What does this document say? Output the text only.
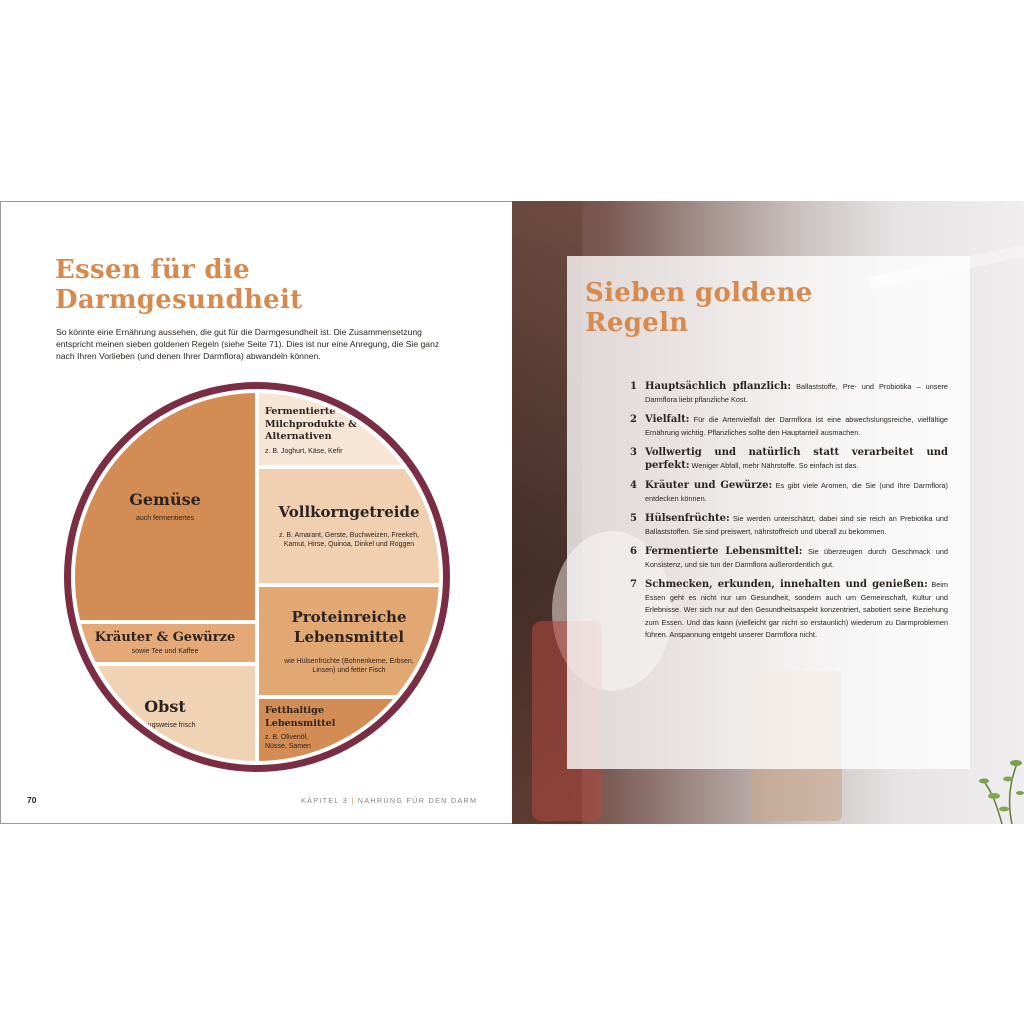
Essen für die
Darmgesundheit

So könnte eine Ernährung aussehen, die gut für die Darmgesundheit ist. Die Zusammensetzung entspricht meinen sieben goldenen Regeln (siehe Seite 71). Dies ist nur eine Anregung, die Sie ganz nach Ihren Vorlieben (und denen Ihrer Darmflora) abwandeln können.

Gemüse
auch fermentiertes
Kräuter & Gewürze
sowie Tee und Kaffee
Obst
vorzugsweise frisch
Fermentierte
Milchprodukte &
Alternativen
z. B. Joghurt, Käse, Kefir
Vollkorngetreide
z. B. Amarant, Gerste, Buchweizen, Freekeh, Kamut, Hirse, Quinoa, Dinkel und Roggen
Proteinreiche
Lebensmittel
wie Hülsenfrüchte (Bohnenkerne, Erbsen, Linsen) und fetter Fisch
Fetthaltige
Lebensmittel
z. B. Olivenöl,
Nüsse, Samen
70	KAPITEL 3 | NAHRUNG FÜR DEN DARM
Sieben goldene
Regeln
1 Hauptsächlich pflanzlich: Ballaststoffe, Pre- und Probiotika – unsere Darmflora liebt pflanzliche Kost.

2 Vielfalt: Für die Artenvielfalt der Darmflora ist eine abwechslungsreiche, vielfältige Ernährung wichtig. Pflanzliches sollte den Hauptanteil ausmachen.

3 Vollwertig und natürlich statt verarbeitet und perfekt: Weniger Abfall, mehr Nährstoffe. So einfach ist das.

4 Kräuter und Gewürze: Es gibt viele Aromen, die Sie (und Ihre Darmflora) entdecken können.

5 Hülsenfrüchte: Sie werden unterschätzt, dabei sind sie reich an Prebiotika und Ballaststoffen. Sie sind preiswert, nährstoffreich und überall zu bekommen.

6 Fermentierte Lebensmittel: Sie überzeugen durch Geschmack und Konsistenz, und sie tun der Darmflora außerordentlich gut.

7 Schmecken, erkunden, innehalten und genießen: Beim Essen geht es nicht nur um Gesundheit, sondern auch um Gemeinschaft, Kultur und Erlebnisse. Wer sich nur auf den Gesundheitsaspekt konzentriert, sabotiert seine Beziehung zum Essen. Und das kann (vielleicht gar nicht so erstaunlich) wiederum zu Darmproblemen führen. Anspannung entgeht unserer Darmflora nicht.
